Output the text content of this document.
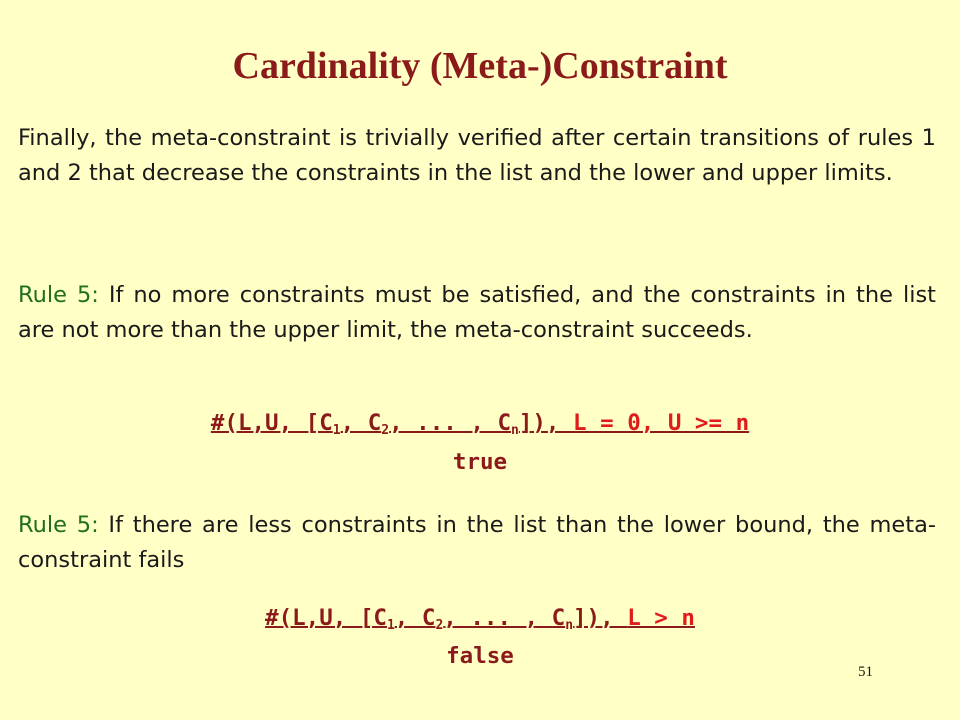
Cardinality (Meta-)Constraint
Finally, the meta-constraint is trivially verified after certain transitions of rules 1 and 2 that decrease the constraints in the list and the lower and upper limits.
Rule 5: If no more constraints must be satisfied, and the constraints in the list are not more than the upper limit, the meta-constraint succeeds.
#(L,U, [$C_1$, $C_2$, ... , $C_n$]), L = 0, U >= n
true
Rule 5: If there are less constraints in the list than the lower bound, the meta-constraint fails
#(L,U, [$C_1$, $C_2$, ... , $C_n$]), L > n
false
51
